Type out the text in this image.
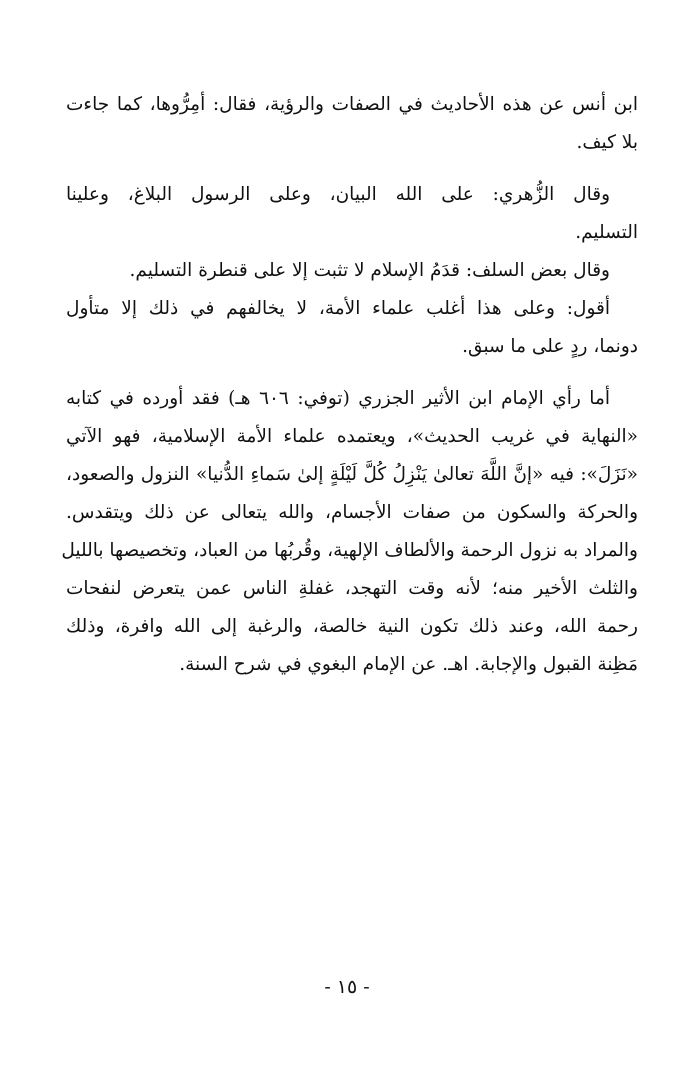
ابن أنس عن هذه الأحاديث في الصفات والرؤية، فقال: أمِرُّوها، كما جاءت
بلا كيف.
وقال الزُّهري: على الله البيان، وعلى الرسول البلاغ، وعلينا
التسليم.
وقال بعض السلف: قدَمُ الإسلام لا تثبت إلا على قنطرة التسليم.
أقول: وعلى هذا أغلب علماء الأمة، لا يخالفهم في ذلك إلا متأول
دونما، ردٍ على ما سبق.
أما رأي الإمام ابن الأثير الجزري (توفي: ٦٠٦ هـ) فقد أورده في كتابه
«النهاية في غريب الحديث»، ويعتمده علماء الأمة الإسلامية، فهو الآتي
«نَزَلَ»: فيه «إنَّ اللَّهَ تعالىٰ يَنْزِلُ كُلَّ لَيْلَةٍ إلىٰ سَماءِ الدُّنيا» النزول والصعود،
والحركة والسكون من صفات الأجسام، والله يتعالى عن ذلك ويتقدس.
والمراد به نزول الرحمة والألطاف الإلهية، وقُربُها من العباد، وتخصيصها بالليل
والثلث الأخير منه؛ لأنه وقت التهجد، غفلةِ الناس عمن يتعرض لنفحات
رحمة الله، وعند ذلك تكون النية خالصة، والرغبة إلى الله وافرة، وذلك
مَظِنة القبول والإجابة. اهـ. عن الإمام البغوي في شرح السنة.
- ١٥ -
